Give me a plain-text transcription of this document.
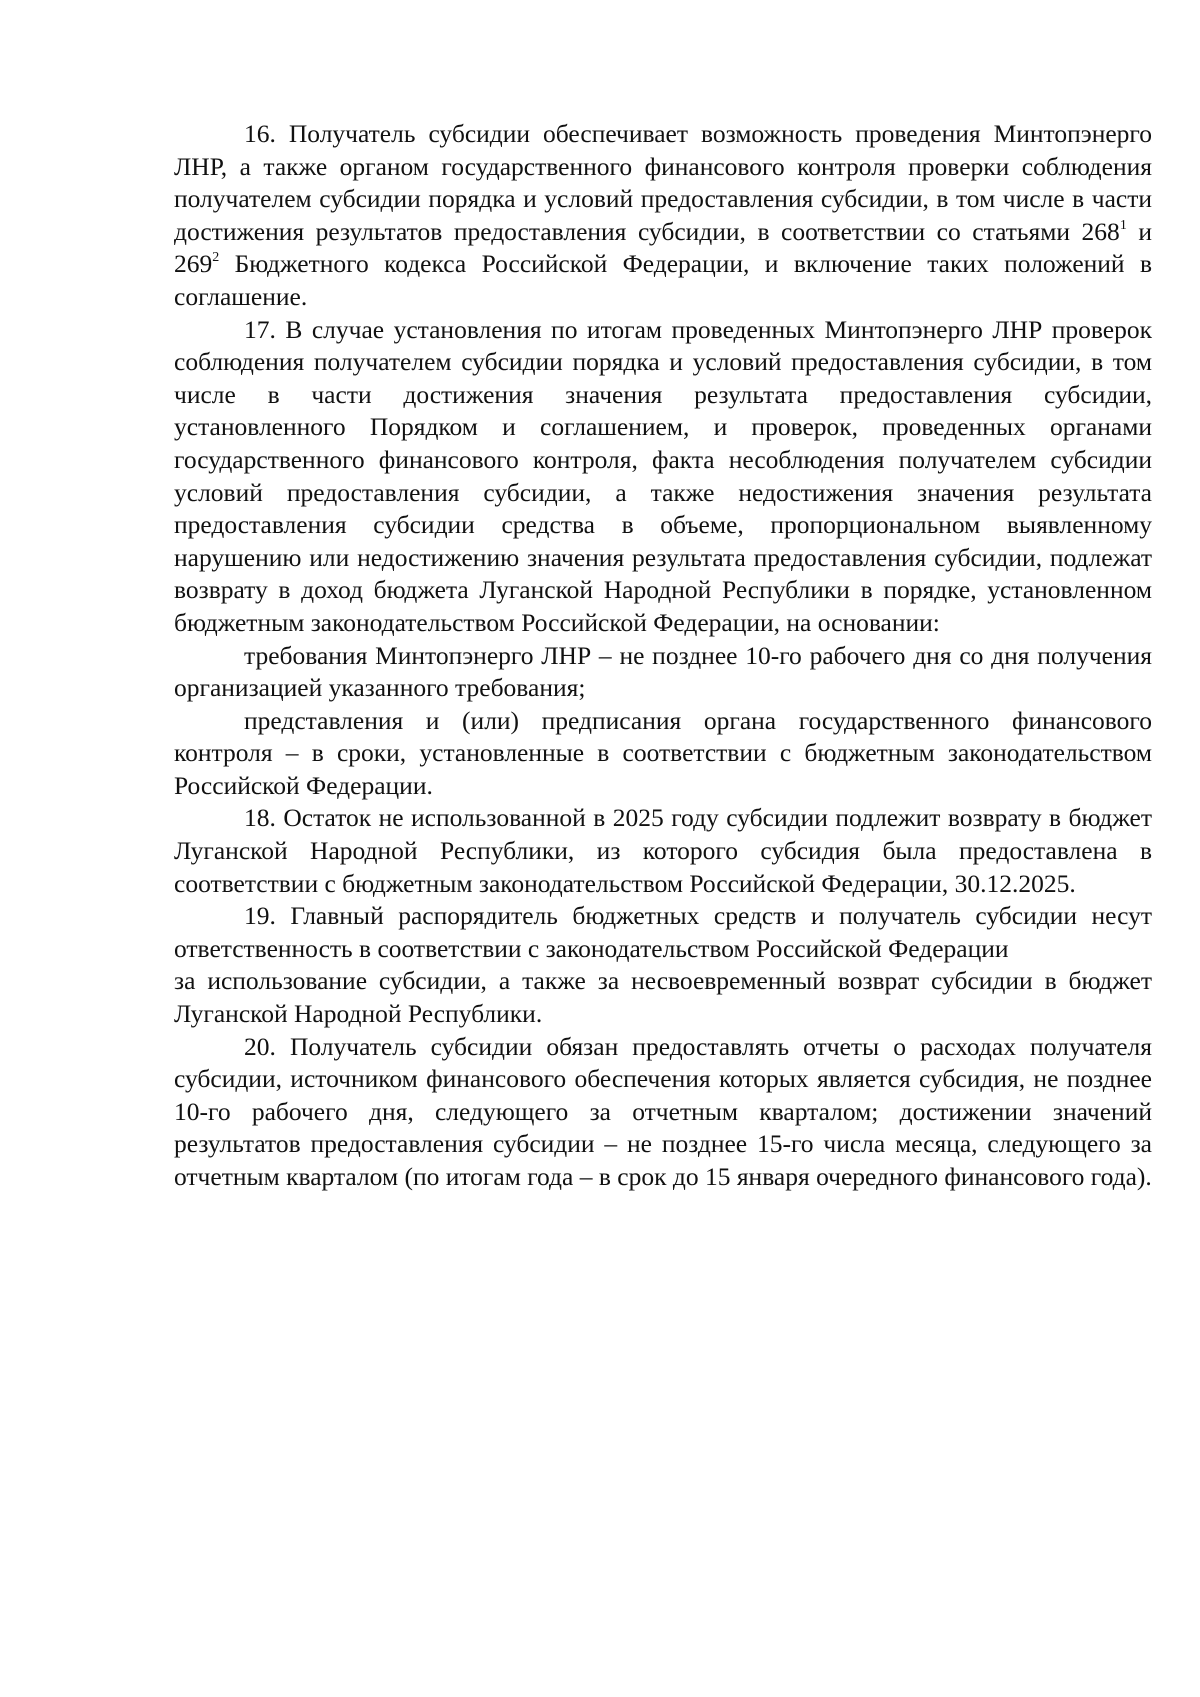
16. Получатель субсидии обеспечивает возможность проведения Минтопэнерго ЛНР, а также органом государственного финансового контроля проверки соблюдения получателем субсидии порядка и условий предоставления субсидии, в том числе в части достижения результатов предоставления субсидии, в соответствии со статьями $268^1$ и $269^2$ Бюджетного кодекса Российской Федерации, и включение таких положений в соглашение.

17. В случае установления по итогам проведенных Минтопэнерго ЛНР проверок соблюдения получателем субсидии порядка и условий предоставления субсидии, в том числе в части достижения значения результата предоставления субсидии, установленного Порядком и соглашением, и проверок, проведенных органами государственного финансового контроля, факта несоблюдения получателем субсидии условий предоставления субсидии, а также недостижения значения результата предоставления субсидии средства в объеме, пропорциональном выявленному нарушению или недостижению значения результата предоставления субсидии, подлежат возврату в доход бюджета Луганской Народной Республики в порядке, установленном бюджетным законодательством Российской Федерации, на основании:

требования Минтопэнерго ЛНР – не позднее 10-го рабочего дня со дня получения организацией указанного требования;

представления и (или) предписания органа государственного финансового контроля – в сроки, установленные в соответствии с бюджетным законодательством Российской Федерации.

18. Остаток не использованной в 2025 году субсидии подлежит возврату в бюджет Луганской Народной Республики, из которого субсидия была предоставлена в соответствии с бюджетным законодательством Российской Федерации, 30.12.2025.

19. Главный распорядитель бюджетных средств и получатель субсидии несут ответственность в соответствии с законодательством Российской Федерации

за использование субсидии, а также за несвоевременный возврат субсидии в бюджет Луганской Народной Республики.

20. Получатель субсидии обязан предоставлять отчеты о расходах получателя субсидии, источником финансового обеспечения которых является субсидия, не позднее 10-го рабочего дня, следующего за отчетным кварталом; достижении значений результатов предоставления субсидии – не позднее 15-го числа месяца, следующего за отчетным кварталом (по итогам года – в срок до 15 января очередного финансового года).
